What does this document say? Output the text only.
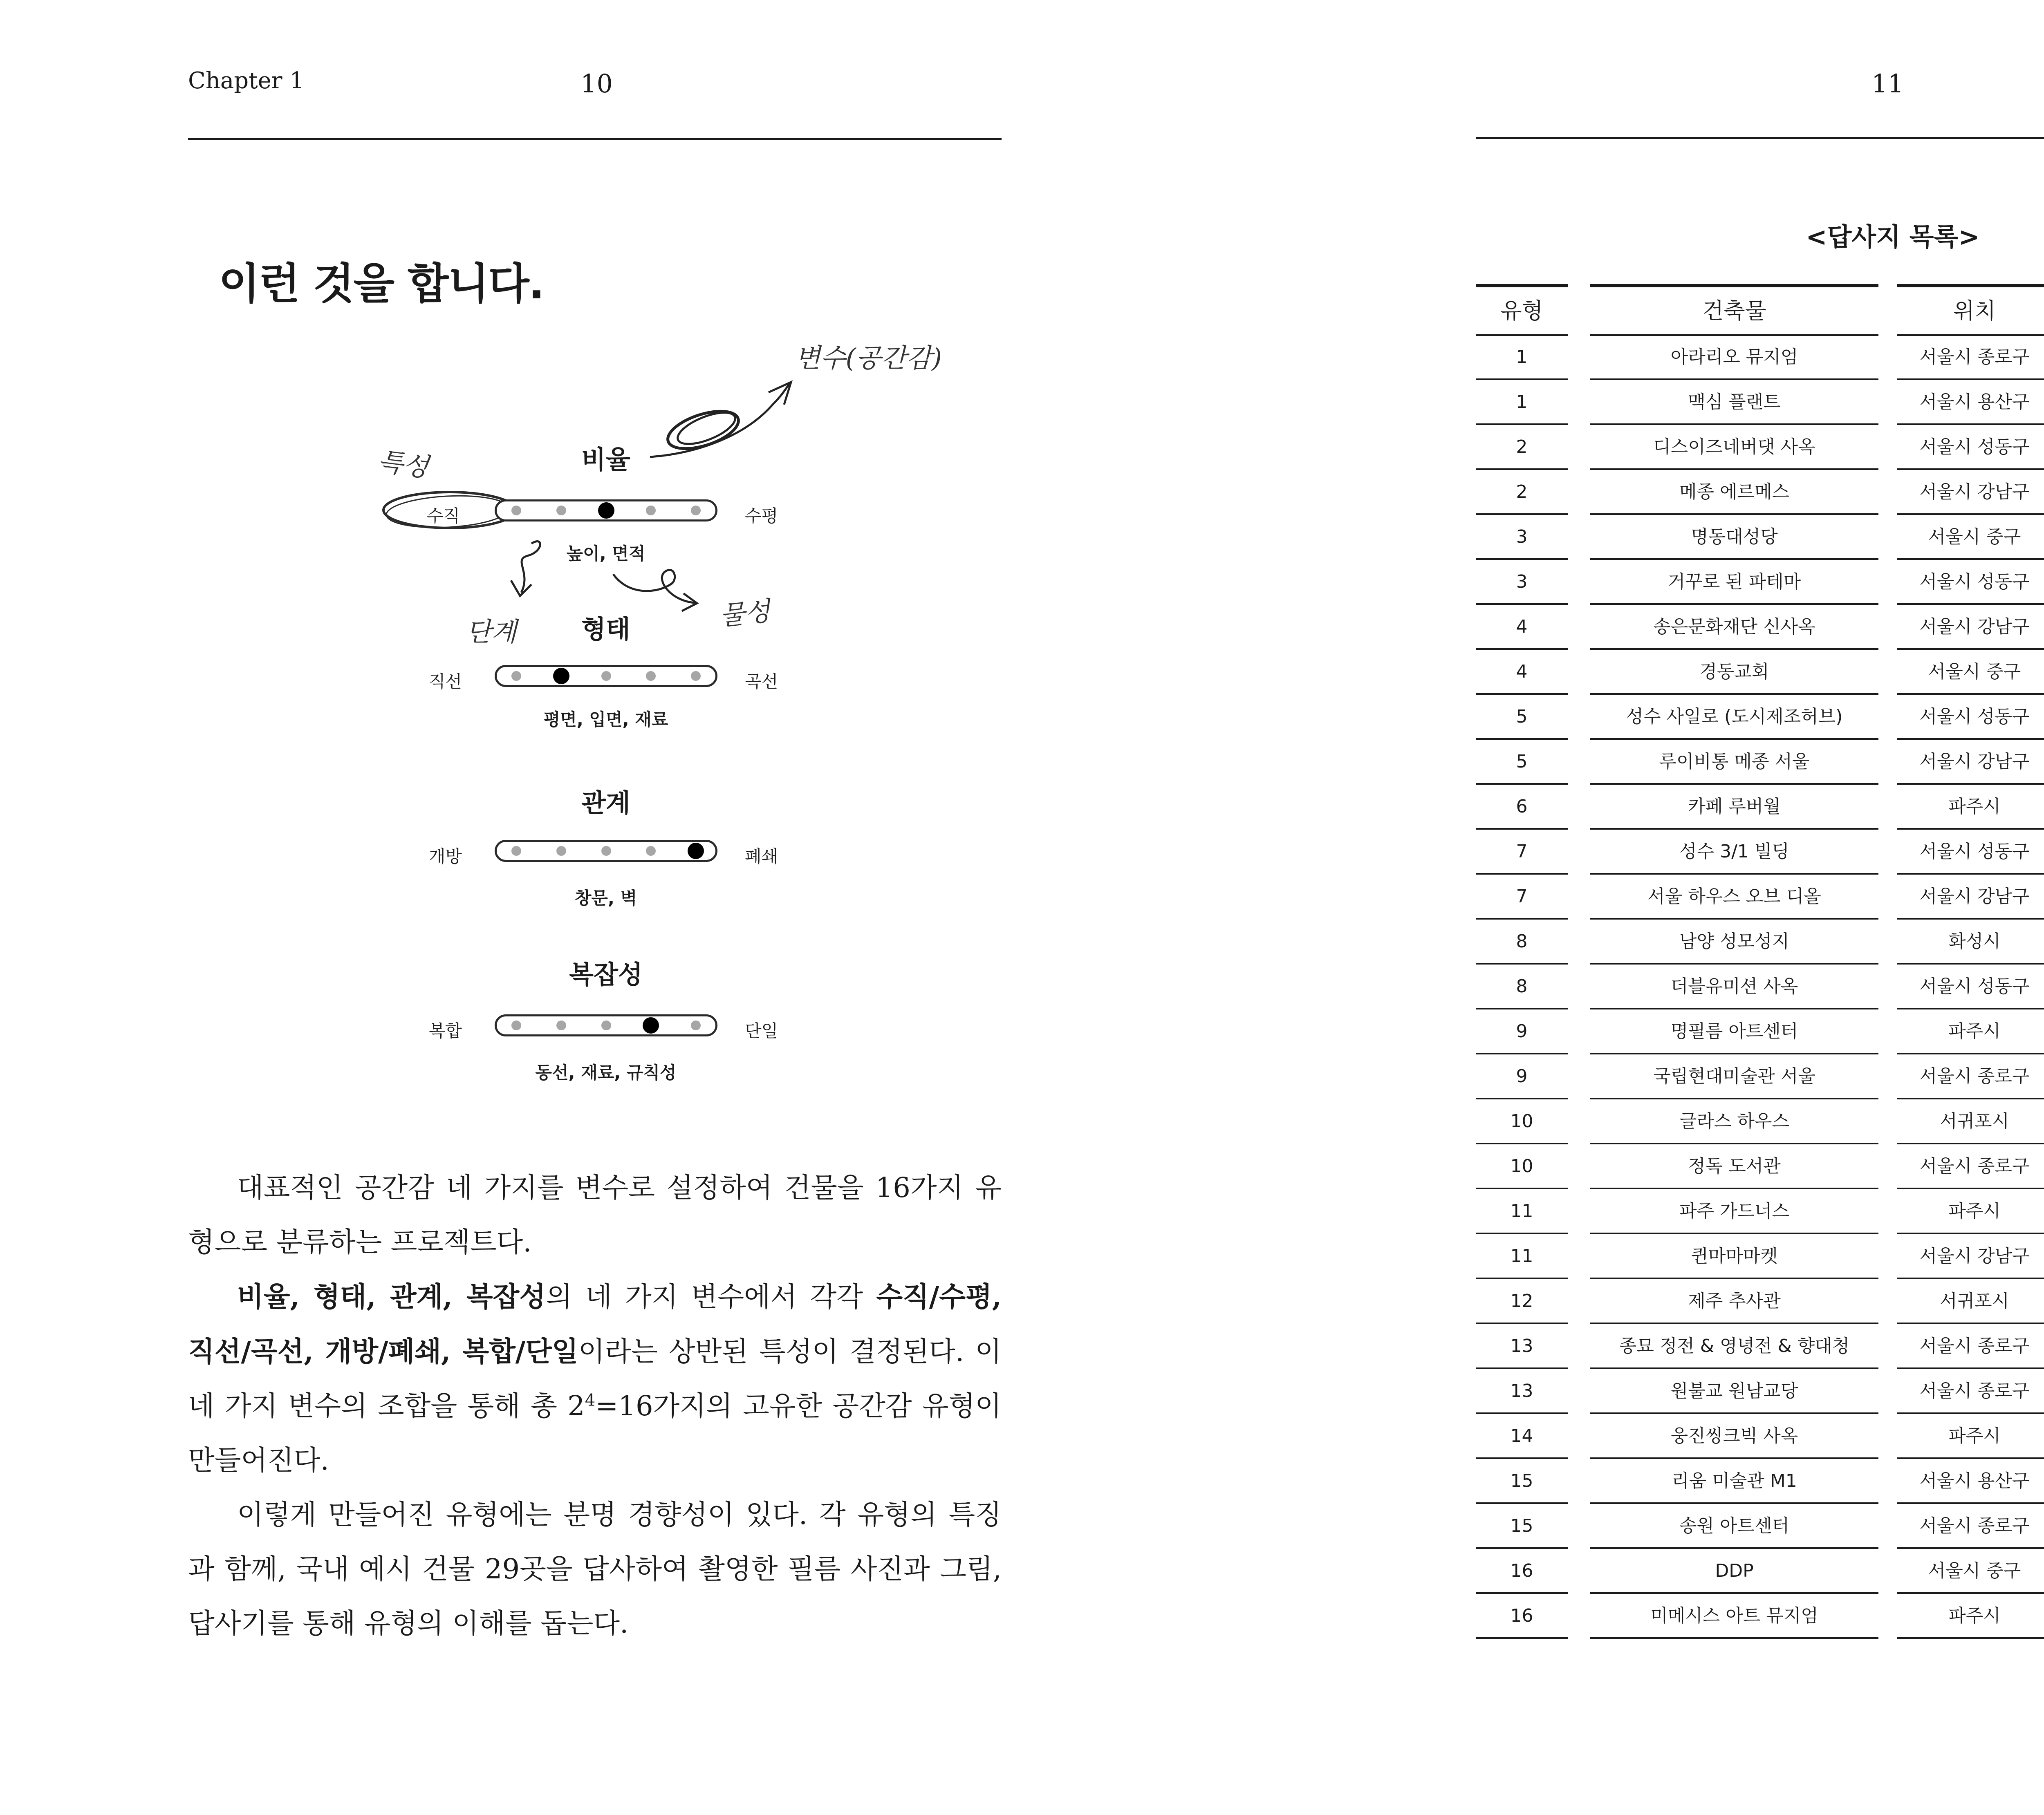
Chapter 1	10
이런 것을 합니다.
변수(공간감)
특성
단계
물성
비율
수직	수평
높이, 면적
형태
직선	곡선
평면, 입면, 재료
관계
개방	폐쇄
창문, 벽
복잡성
복합	단일
동선, 재료, 규칙성

대표적인 공간감 네 가지를 변수로 설정하여 건물을 16가지 유형으로 분류하는 프로젝트다.

비율, 형태, 관계, 복잡성의 네 가지 변수에서 각각 수직/수평, 직선/곡선, 개방/폐쇄, 복합/단일이라는 상반된 특성이 결정된다. 이 네 가지 변수의 조합을 통해 총 $2^4=16$가지의 고유한 공간감 유형이 만들어진다.

이렇게 만들어진 유형에는 분명 경향성이 있다. 각 유형의 특징과 함께, 국내 예시 건물 29곳을 답사하여 촬영한 필름 사진과 그림, 답사기를 통해 유형의 이해를 돕는다.

11
<답사지 목록>
유형	건축물	위치
1	아라리오 뮤지엄	서울시 종로구
1	맥심 플랜트	서울시 용산구
2	디스이즈네버댓 사옥	서울시 성동구
2	메종 에르메스	서울시 강남구
3	명동대성당	서울시 중구
3	거꾸로 된 파테마	서울시 성동구
4	송은문화재단 신사옥	서울시 강남구
4	경동교회	서울시 중구
5	성수 사일로 (도시제조허브)	서울시 성동구
5	루이비통 메종 서울	서울시 강남구
6	카페 루버월	파주시
7	성수 3/1 빌딩	서울시 성동구
7	서울 하우스 오브 디올	서울시 강남구
8	남양 성모성지	화성시
8	더블유미션 사옥	서울시 성동구
9	명필름 아트센터	파주시
9	국립현대미술관 서울	서울시 종로구
10	글라스 하우스	서귀포시
10	정독 도서관	서울시 종로구
11	파주 가드너스	파주시
11	퀸마마마켓	서울시 강남구
12	제주 추사관	서귀포시
13	종묘 정전 & 영녕전 & 향대청	서울시 종로구
13	원불교 원남교당	서울시 종로구
14	웅진씽크빅 사옥	파주시
15	리움 미술관 M1	서울시 용산구
15	송원 아트센터	서울시 종로구
16	DDP	서울시 중구
16	미메시스 아트 뮤지엄	파주시
